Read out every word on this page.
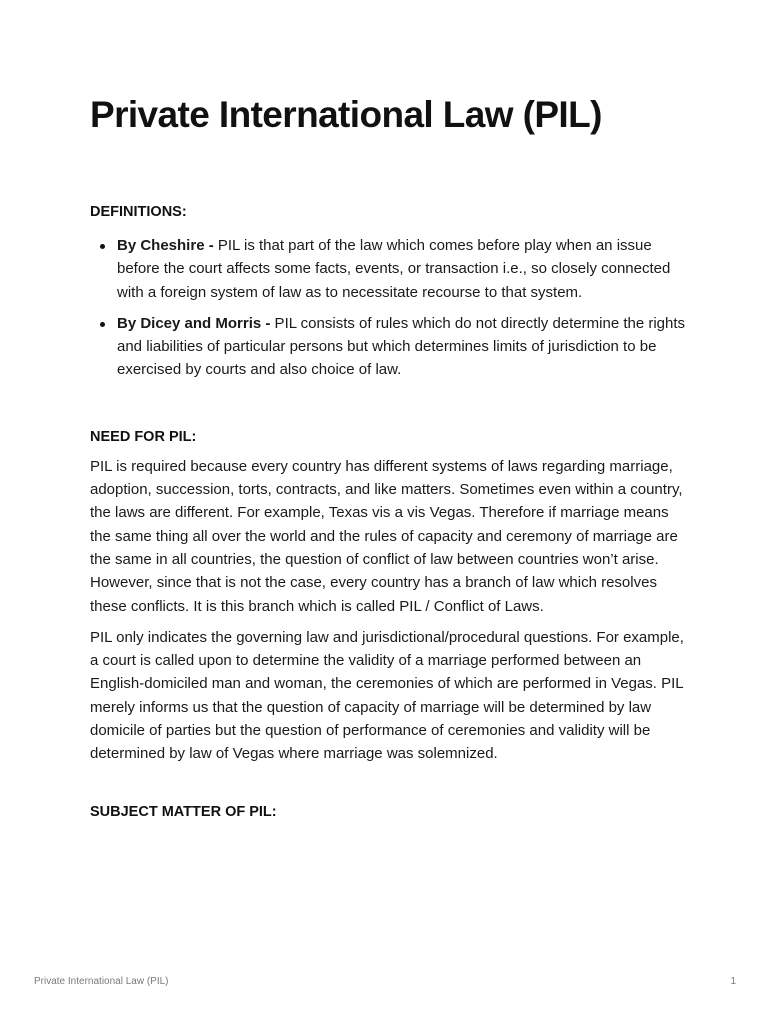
Private International Law (PIL)
DEFINITIONS:
By Cheshire - PIL is that part of the law which comes before play when an issue before the court affects some facts, events, or transaction i.e., so closely connected with a foreign system of law as to necessitate recourse to that system.
By Dicey and Morris - PIL consists of rules which do not directly determine the rights and liabilities of particular persons but which determines limits of jurisdiction to be exercised by courts and also choice of law.
NEED FOR PIL:

PIL is required because every country has different systems of laws regarding marriage, adoption, succession, torts, contracts, and like matters. Sometimes even within a country, the laws are different. For example, Texas vis a vis Vegas. Therefore if marriage means the same thing all over the world and the rules of capacity and ceremony of marriage are the same in all countries, the question of conflict of law between countries won’t arise. However, since that is not the case, every country has a branch of law which resolves these conflicts. It is this branch which is called PIL / Conflict of Laws.

PIL only indicates the governing law and jurisdictional/procedural questions. For example, a court is called upon to determine the validity of a marriage performed between an English-domiciled man and woman, the ceremonies of which are performed in Vegas. PIL merely informs us that the question of capacity of marriage will be determined by law domicile of parties but the question of performance of ceremonies and validity will be determined by law of Vegas where marriage was solemnized.

SUBJECT MATTER OF PIL:
Private International Law (PIL)	1
